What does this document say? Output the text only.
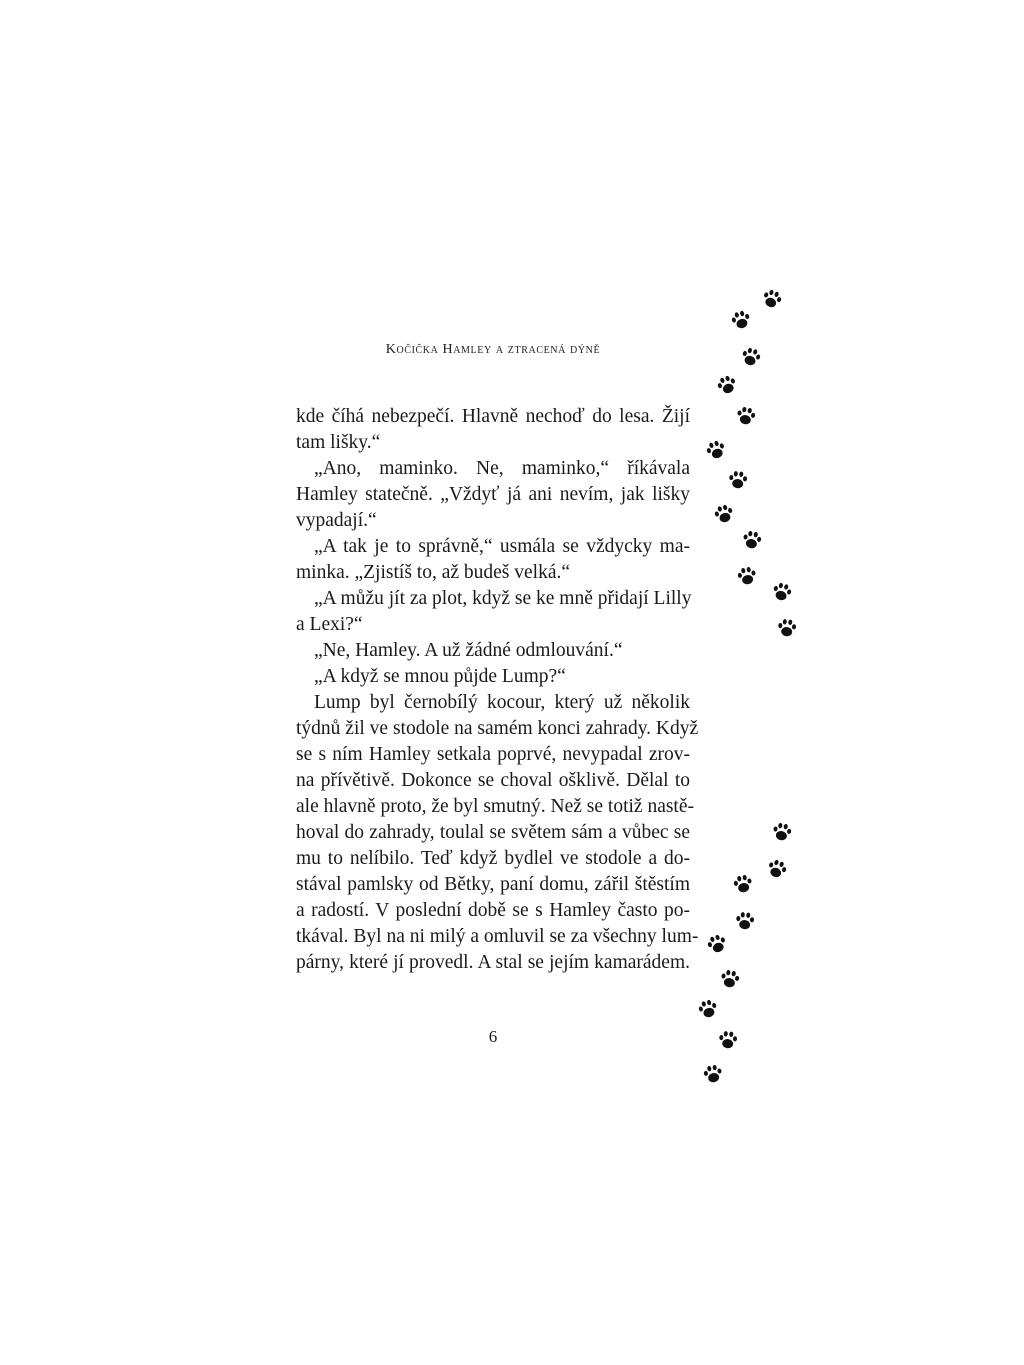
Kočička Hamley a ztracená dýně
kde číhá nebezpečí. Hlavně nechoď do lesa. Žijí
tam lišky.“
„Ano, maminko. Ne, maminko,“ říkávala
Hamley statečně. „Vždyť já ani nevím, jak lišky
vypadají.“
„A tak je to správně,“ usmála se vždycky ma-
minka. „Zjistíš to, až budeš velká.“
„A můžu jít za plot, když se ke mně přidají Lilly
a Lexi?“
„Ne, Hamley. A už žádné odmlouvání.“
„A když se mnou půjde Lump?“
Lump byl černobílý kocour, který už několik
týdnů žil ve stodole na samém konci zahrady. Když
se s ním Hamley setkala poprvé, nevypadal zrov-
na přívětivě. Dokonce se choval ošklivě. Dělal to
ale hlavně proto, že byl smutný. Než se totiž nastě-
hoval do zahrady, toulal se světem sám a vůbec se
mu to nelíbilo. Teď když bydlel ve stodole a do-
stával pamlsky od Bětky, paní domu, zářil štěstím
a radostí. V poslední době se s Hamley často po-
tkával. Byl na ni milý a omluvil se za všechny lum-
párny, které jí provedl. A stal se jejím kamarádem.
6
